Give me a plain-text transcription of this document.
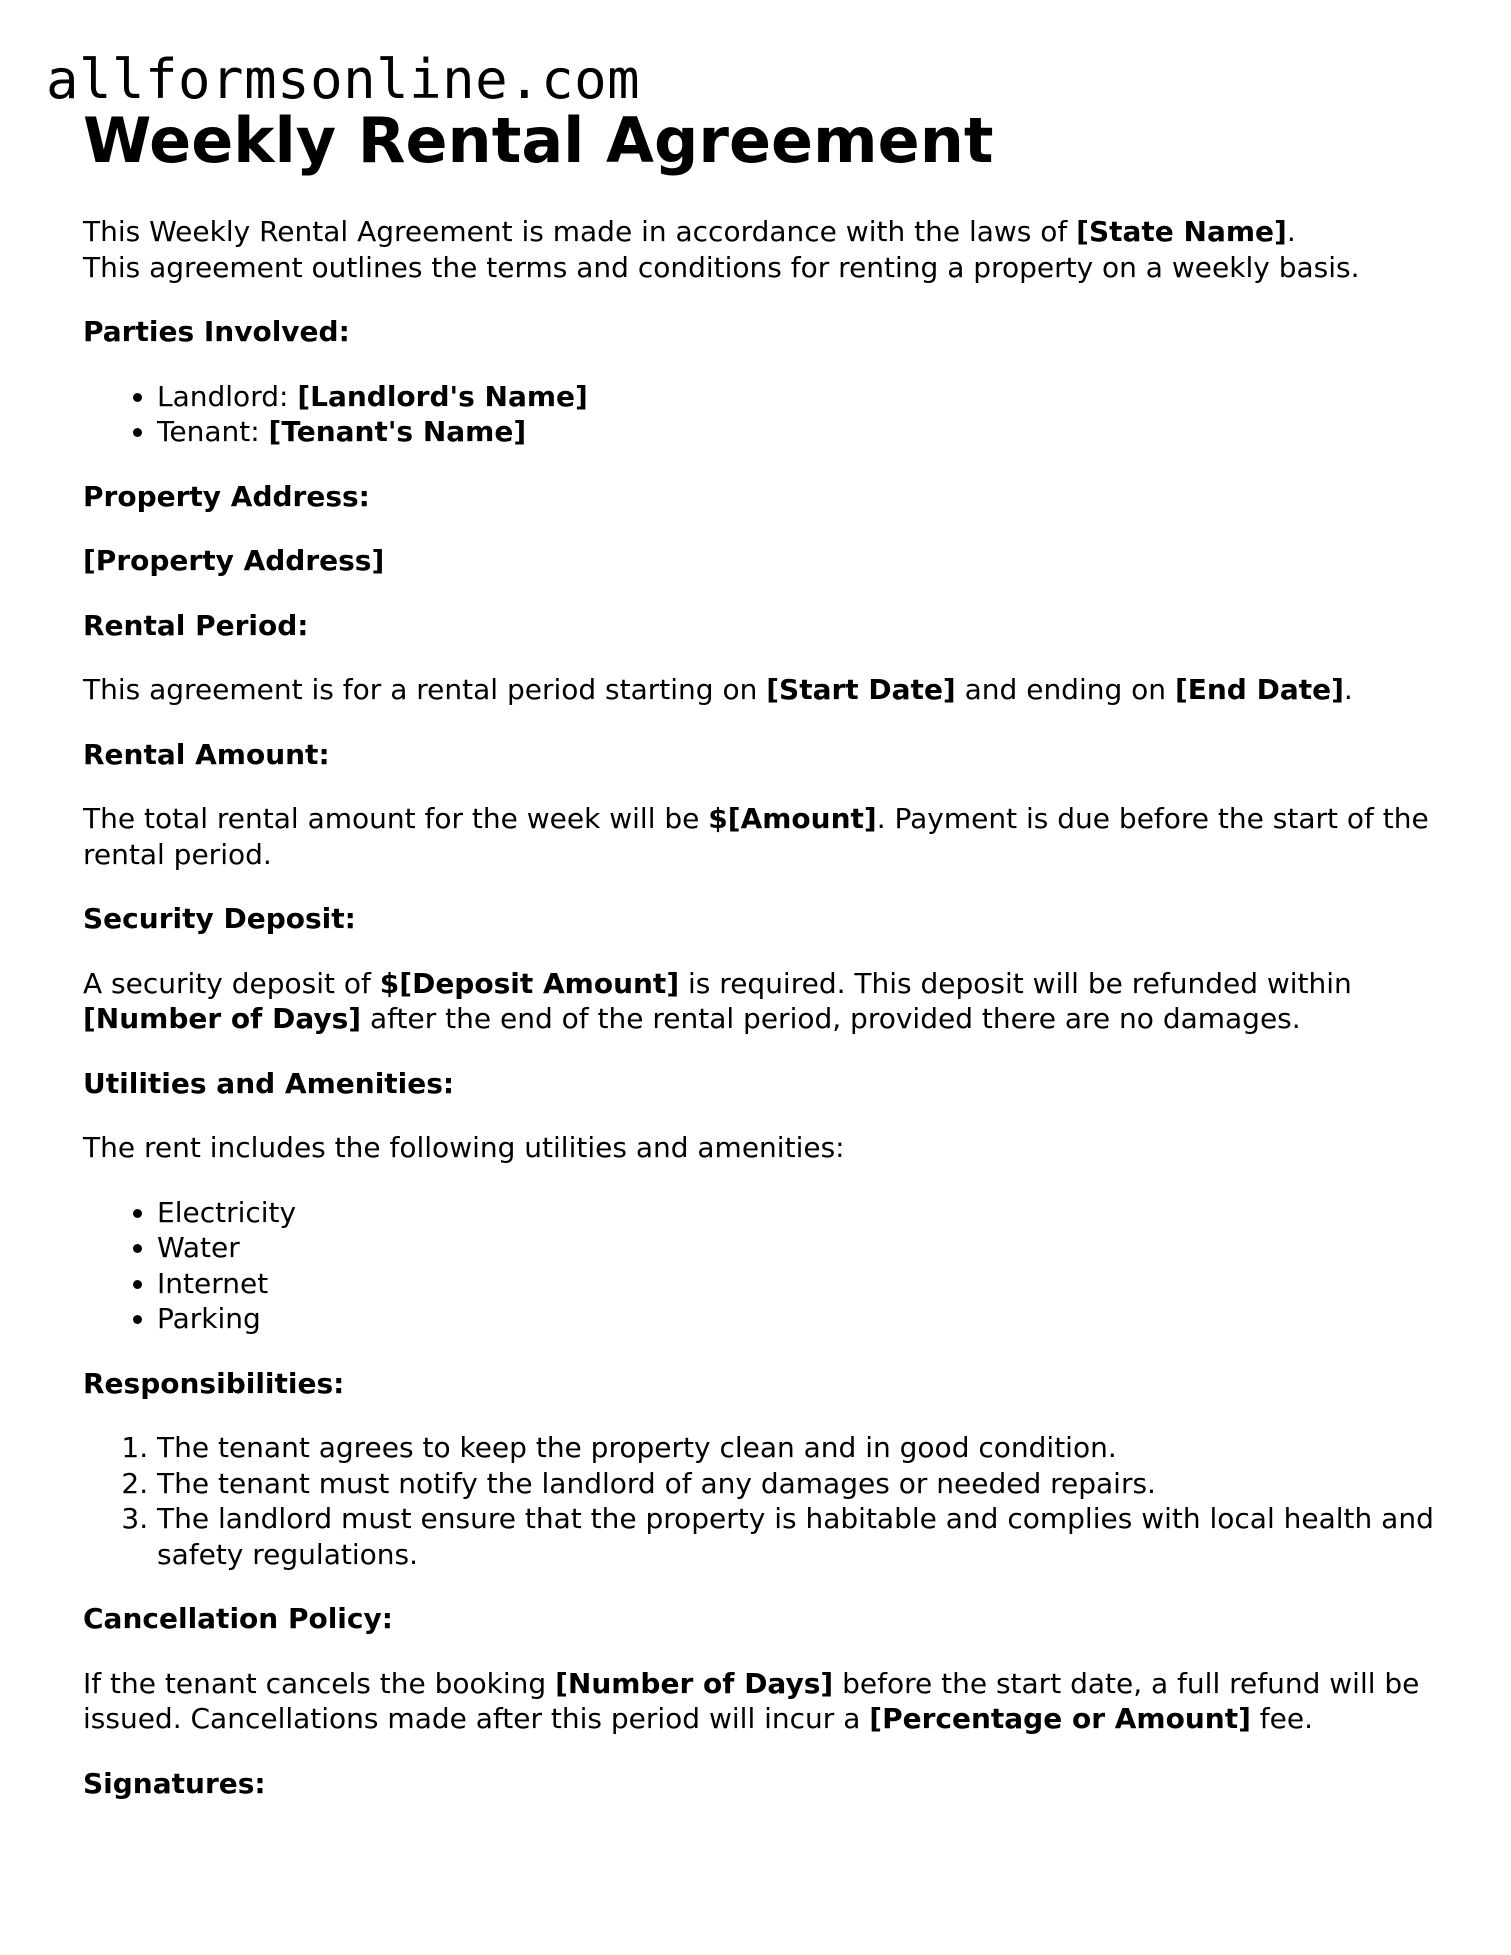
allformsonline.com
Weekly Rental Agreement

This Weekly Rental Agreement is made in accordance with the laws of [State Name].
This agreement outlines the terms and conditions for renting a property on a weekly basis.

Parties Involved:
• Landlord: [Landlord's Name]
• Tenant: [Tenant's Name]
Property Address:

[Property Address]

Rental Period:

This agreement is for a rental period starting on [Start Date] and ending on [End Date].

Rental Amount:

The total rental amount for the week will be $[Amount]. Payment is due before the start of the rental period.

Security Deposit:

A security deposit of $[Deposit Amount] is required. This deposit will be refunded within [Number of Days] after the end of the rental period, provided there are no damages.

Utilities and Amenities:

The rent includes the following utilities and amenities:

• Electricity
• Water
• Internet
• Parking
Responsibilities:
1. The tenant agrees to keep the property clean and in good condition.
2. The tenant must notify the landlord of any damages or needed repairs.
3. The landlord must ensure that the property is habitable and complies with local health and safety regulations.
Cancellation Policy:

If the tenant cancels the booking [Number of Days] before the start date, a full refund will be issued. Cancellations made after this period will incur a [Percentage or Amount] fee.

Signatures:
